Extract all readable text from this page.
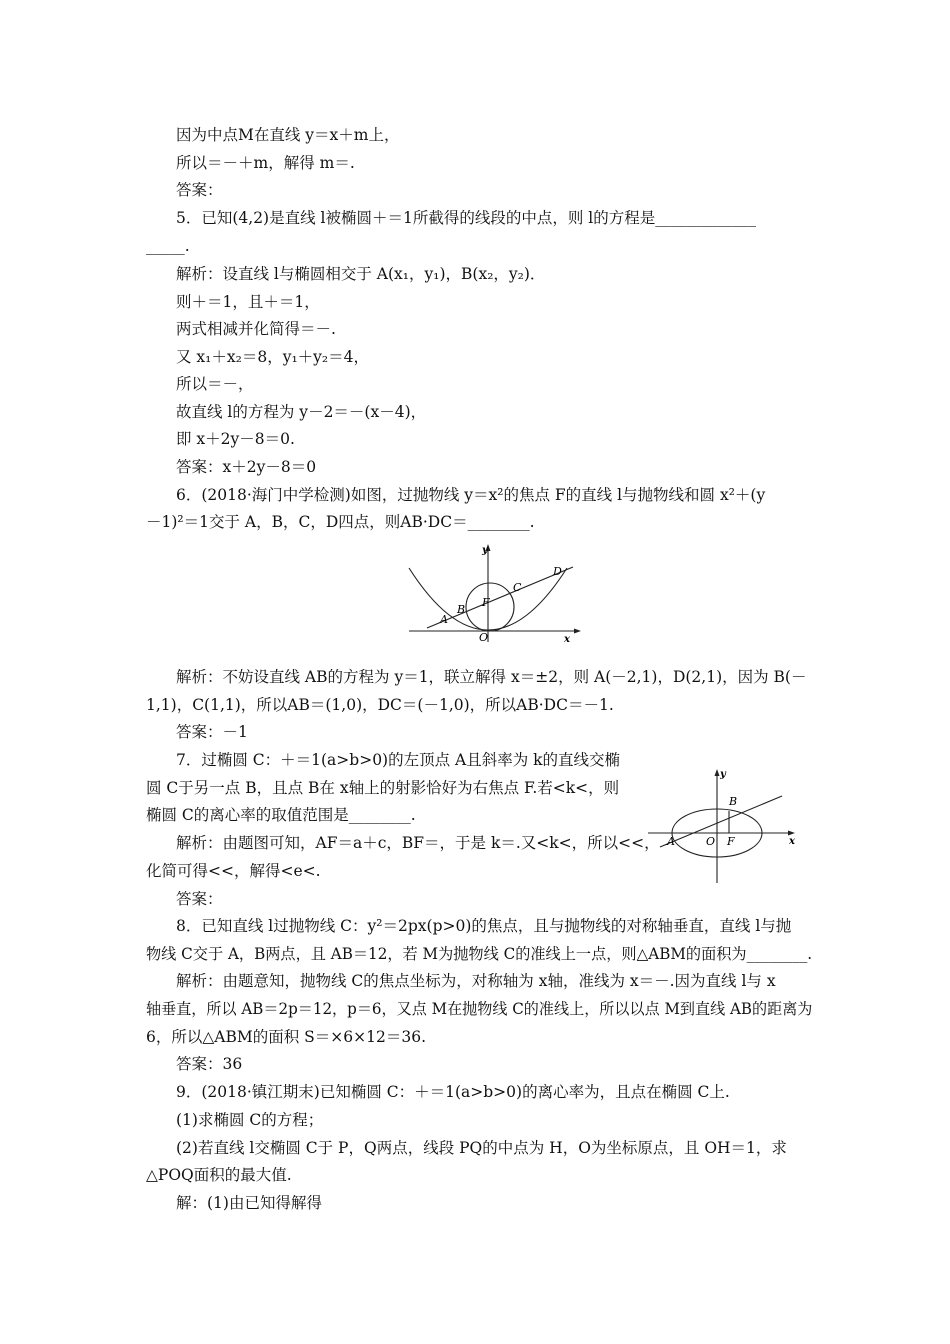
因为中点M在直线 y＝x＋m上，
所以＝－＋m，解得 m＝.
答案：
5．已知(4,2)是直线 l被椭圆＋＝1所截得的线段的中点，则 l的方程是_____________
_____.
解析：设直线 l与椭圆相交于 A(x₁，y₁)，B(x₂，y₂)．
则＋＝1，且＋＝1，
两式相减并化简得＝－.
又 x₁＋x₂＝8，y₁＋y₂＝4，
所以＝－，
故直线 l的方程为 y－2＝－(x－4)，
即 x＋2y－8＝0.
答案：x＋2y－8＝0
6．(2018·海门中学检测)如图，过抛物线 y＝x²的焦点 F的直线 l与抛物线和圆 x²＋(y
－1)²＝1交于 A，B，C，D四点，则AB·DC＝________.
A
B
F
C
D
O
y
x
解析：不妨设直线 AB的方程为 y＝1，联立解得 x＝±2，则 A(－2,1)，D(2,1)，因为 B(－
1,1)，C(1,1)，所以AB＝(1,0)，DC＝(－1,0)，所以AB·DC＝－1.
答案：－1
7．过椭圆 C：＋＝1(a>b>0)的左顶点 A且斜率为 k的直线交椭
圆 C于另一点 B，且点 B在 x轴上的射影恰好为右焦点 F.若<k<，则
椭圆 C的离心率的取值范围是________.
解析：由题图可知，AF＝a＋c，BF＝，于是 k＝.又<k<，所以<<，
化简可得<<，解得<e<.
答案：
A
B
O F
y
x
8．已知直线 l过抛物线 C：y²＝2px(p>0)的焦点，且与抛物线的对称轴垂直，直线 l与抛
物线 C交于 A，B两点，且 AB＝12，若 M为抛物线 C的准线上一点，则△ABM的面积为________.
解析：由题意知，抛物线 C的焦点坐标为，对称轴为 x轴，准线为 x＝－.因为直线 l与 x
轴垂直，所以 AB＝2p＝12，p＝6，又点 M在抛物线 C的准线上，所以以点 M到直线 AB的距离为
6，所以△ABM的面积 S＝×6×12＝36.
答案：36
9．(2018·镇江期末)已知椭圆 C：＋＝1(a>b>0)的离心率为，且点在椭圆 C上.
(1)求椭圆 C的方程；
(2)若直线 l交椭圆 C于 P，Q两点，线段 PQ的中点为 H，O为坐标原点，且 OH＝1，求
△POQ面积的最大值.
解：(1)由已知得解得
